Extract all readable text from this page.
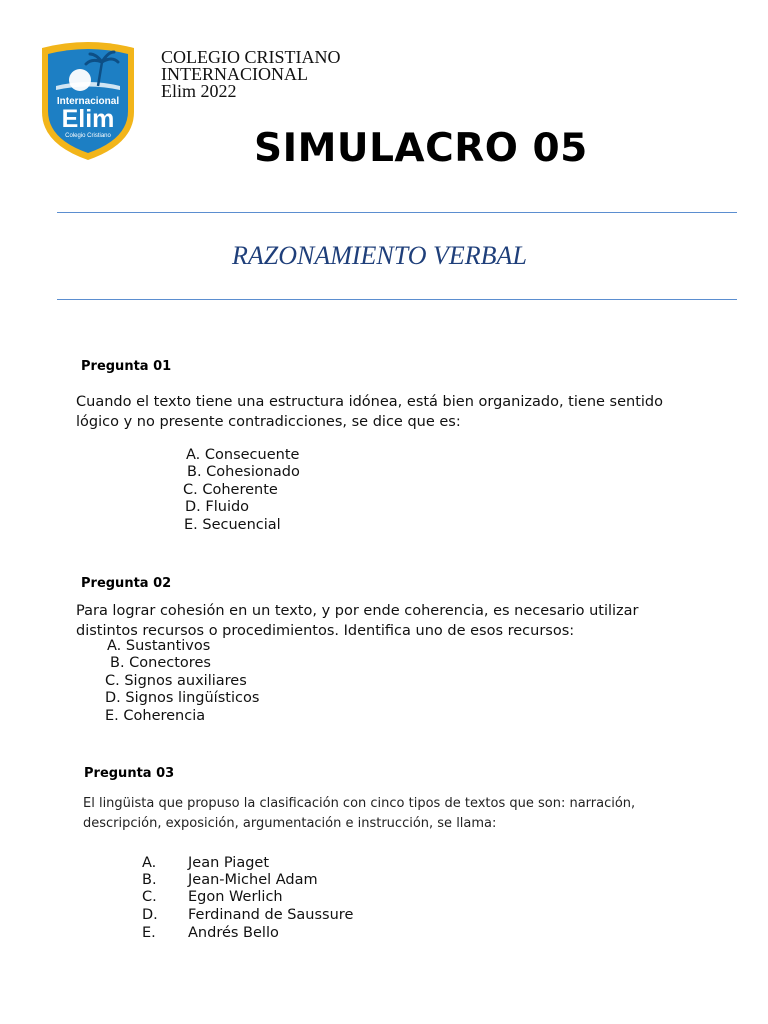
Internacional
Elim
Colegio Cristiano
COLEGIO CRISTIANO
INTERNACIONAL
Elim 2022
SIMULACRO 05
RAZONAMIENTO VERBAL
Pregunta 01
Cuando el texto tiene una estructura idónea, está bien organizado, tiene sentido
lógico y no presente contradicciones, se dice que es:
A. Consecuente
B. Cohesionado
C. Coherente
D. Fluido
E. Secuencial
Pregunta 02
Para lograr cohesión en un texto, y por ende coherencia, es necesario utilizar
distintos recursos o procedimientos. Identifica uno de esos recursos:
A. Sustantivos
B. Conectores
C. Signos auxiliares
D. Signos lingüísticos
E. Coherencia
Pregunta 03
El lingüista que propuso la clasificación con cinco tipos de textos que son: narración,
descripción, exposición, argumentación e instrucción, se llama:
A. Jean Piaget
B. Jean-Michel Adam
C. Egon Werlich
D. Ferdinand de Saussure
E. Andrés Bello
